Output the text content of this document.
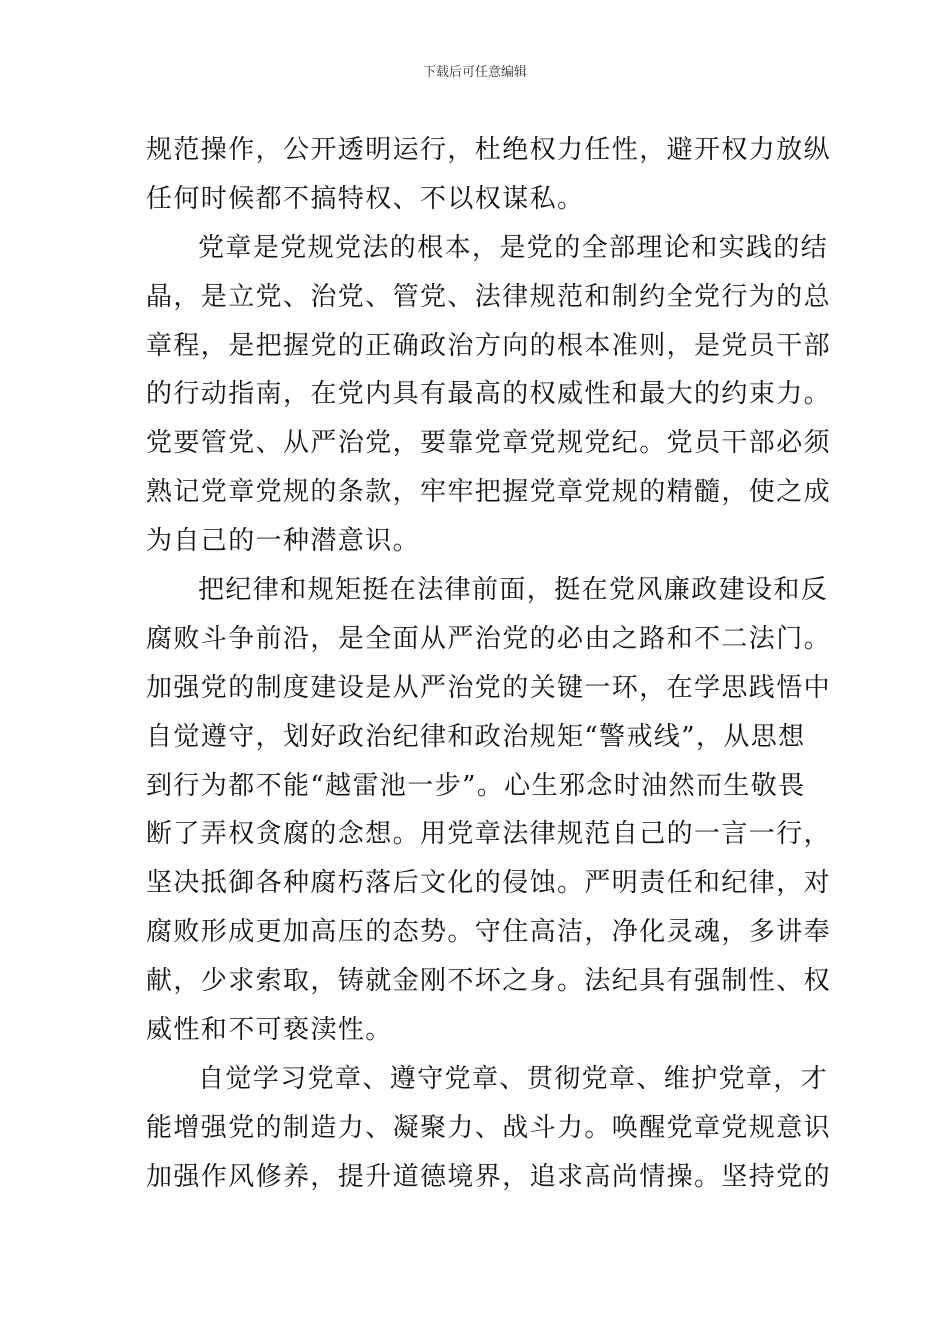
下载后可任意编辑
规范操作，公开透明运行，杜绝权力任性，避开权力放纵
任何时候都不搞特权、不以权谋私。
党章是党规党法的根本，是党的全部理论和实践的结
晶，是立党、治党、管党、法律规范和制约全党行为的总
章程，是把握党的正确政治方向的根本准则，是党员干部
的行动指南，在党内具有最高的权威性和最大的约束力。
党要管党、从严治党，要靠党章党规党纪。党员干部必须
熟记党章党规的条款，牢牢把握党章党规的精髓，使之成
为自己的一种潜意识。
把纪律和规矩挺在法律前面，挺在党风廉政建设和反
腐败斗争前沿，是全面从严治党的必由之路和不二法门。
加强党的制度建设是从严治党的关键一环，在学思践悟中
自觉遵守，划好政治纪律和政治规矩“警戒线”，从思想
到行为都不能“越雷池一步”。心生邪念时油然而生敬畏
断了弄权贪腐的念想。用党章法律规范自己的一言一行，
坚决抵御各种腐朽落后文化的侵蚀。严明责任和纪律，对
腐败形成更加高压的态势。守住高洁，净化灵魂，多讲奉
献，少求索取，铸就金刚不坏之身。法纪具有强制性、权
威性和不可亵渎性。
自觉学习党章、遵守党章、贯彻党章、维护党章，才
能增强党的制造力、凝聚力、战斗力。唤醒党章党规意识
加强作风修养，提升道德境界，追求高尚情操。坚持党的
